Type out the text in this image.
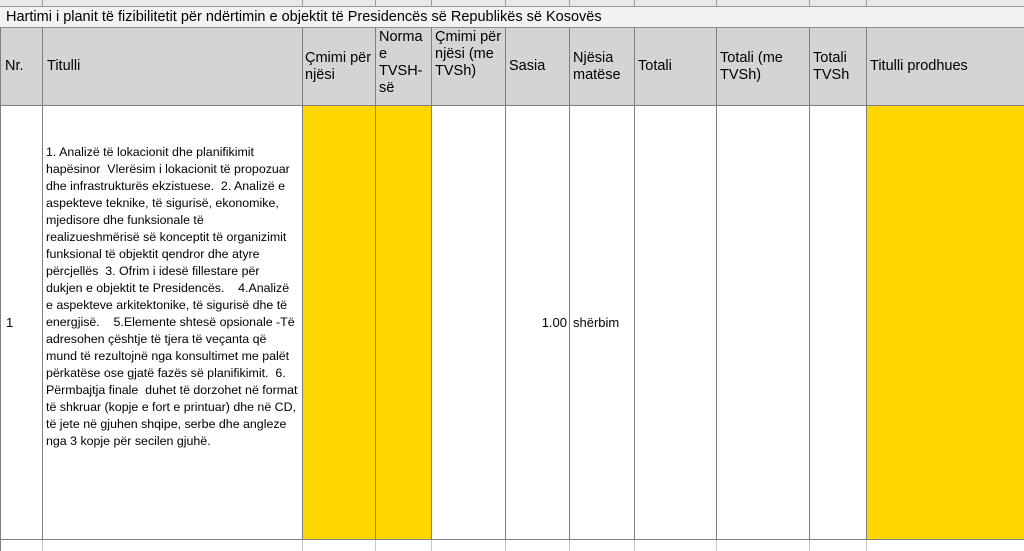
Hartimi i planit të fizibilitetit për ndërtimin e objektit të Presidencës së Republikës së Kosovës
Nr.	Titulli
Çmimi për njësi
Norma e TVSH-së
Çmimi për njësi (me TVSh)	Sasia
Njësia matëse
Totali
Totali (me TVSh)
Totali TVSh
Titulli prodhues
1
1. Analizë të lokacionit dhe planifikimit hapësinor  Vlerësim i lokacionit të propozuar dhe infrastrukturës ekzistuese.  2. Analizë e aspekteve teknike, të sigurisë, ekonomike, mjedisore dhe funksionale të realizueshmërisë së konceptit të organizimit funksional të objektit qendror dhe atyre përcjellës  3. Ofrim i idesë fillestare për dukjen e objektit te Presidencës.    4.Analizë e aspekteve arkitektonike, të sigurisë dhe të energjisë.    5.Elemente shtesë opsionale -Të adresohen çështje të tjera të veçanta që mund të rezultojnë nga konsultimet me palët përkatëse ose gjatë fazës së planifikimit.  6. Përmbajtja finale  duhet të dorzohet në format të shkruar (kopje e fort e printuar) dhe në CD, të jete në gjuhen shqipe, serbe dhe angleze nga 3 kopje për secilen gjuhë.
1.00 shërbim
